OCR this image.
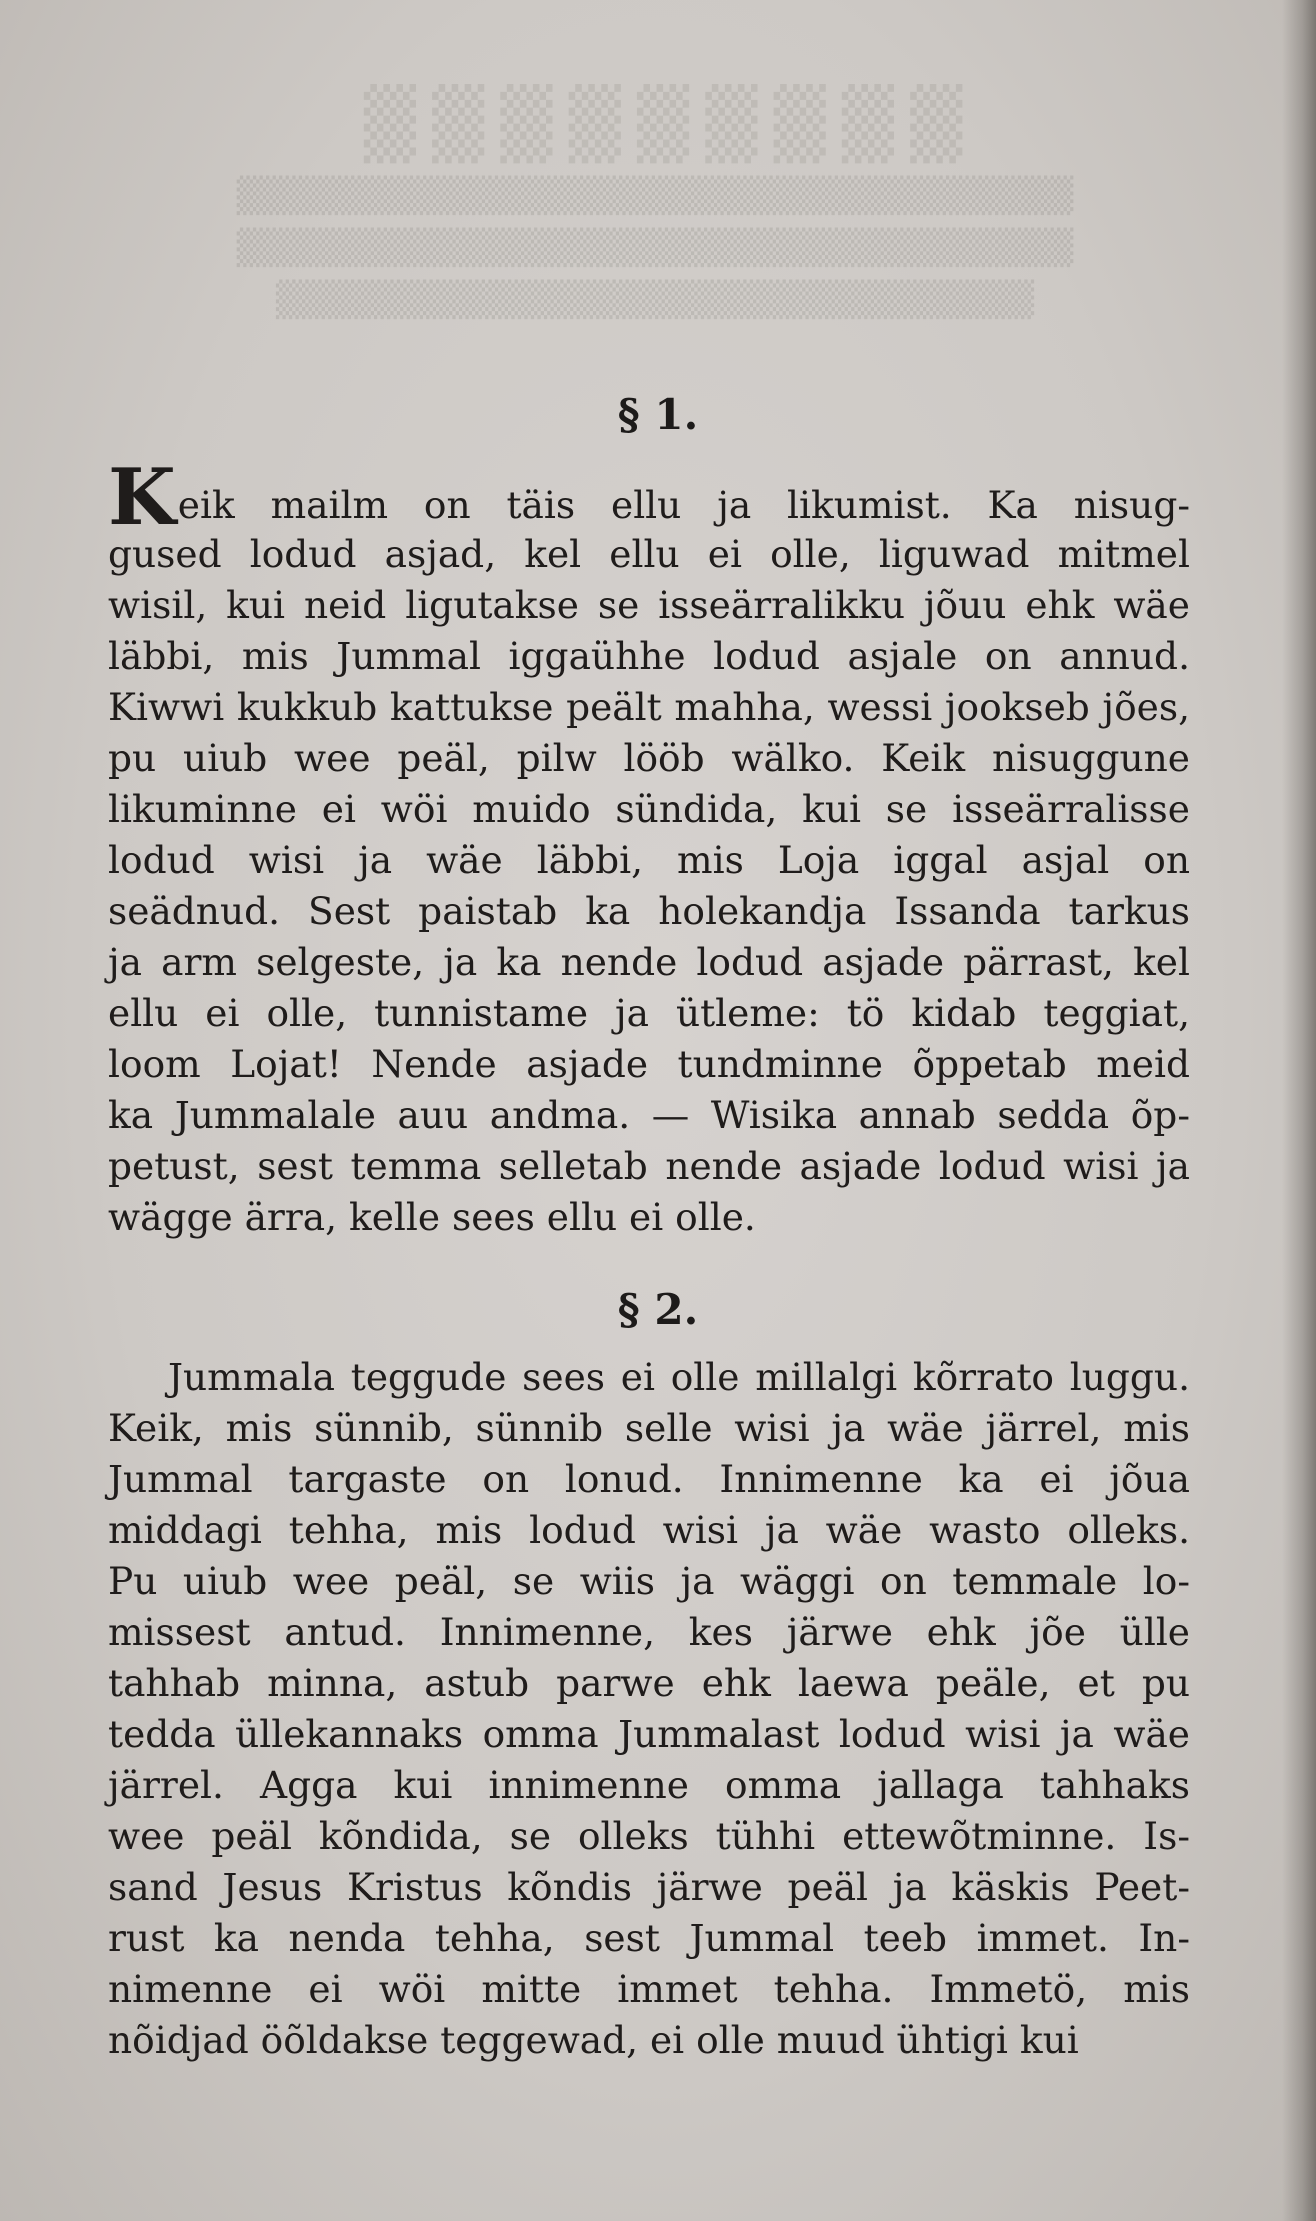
▒▒▒▒▒▒▒▒▒
▒▒▒▒▒▒▒▒▒▒▒▒▒▒▒▒▒▒▒▒▒▒▒▒▒▒▒▒▒▒▒▒
▒▒▒▒▒▒▒▒▒▒▒▒▒▒▒▒▒▒▒▒▒▒▒▒▒▒▒▒▒▒▒▒
▒▒▒▒▒▒▒▒▒▒▒▒▒▒▒▒▒▒▒▒▒▒▒▒▒▒▒▒▒
§ 1.
Keik mailm on täis ellu ja likumist. Ka nisug-
gused lodud asjad, kel ellu ei olle, liguwad mitmel
wisil, kui neid ligutakse se isseärralikku jõuu ehk wäe
läbbi, mis Jummal iggaühhe lodud asjale on annud.
Kiwwi kukkub kattukse peält mahha, wessi jookseb jões,
pu uiub wee peäl, pilw lööb wälko. Keik nisuggune
likuminne ei wöi muido sündida, kui se isseärralisse
lodud wisi ja wäe läbbi, mis Loja iggal asjal on
seädnud. Sest paistab ka holekandja Issanda tarkus
ja arm selgeste, ja ka nende lodud asjade pärrast, kel
ellu ei olle, tunnistame ja ütleme: tö kidab teggiat,
loom Lojat! Nende asjade tundminne õppetab meid
ka Jummalale auu andma. — Wisika annab sedda õp-
petust, sest temma selletab nende asjade lodud wisi ja
wägge ärra, kelle sees ellu ei olle.
§ 2.
Jummala teggude sees ei olle millalgi kõrrato luggu.
Keik, mis sünnib, sünnib selle wisi ja wäe järrel, mis
Jummal targaste on lonud. Innimenne ka ei jõua
middagi tehha, mis lodud wisi ja wäe wasto olleks.
Pu uiub wee peäl, se wiis ja wäggi on temmale lo-
missest antud. Innimenne, kes järwe ehk jõe ülle
tahhab minna, astub parwe ehk laewa peäle, et pu
tedda üllekannaks omma Jummalast lodud wisi ja wäe
järrel. Agga kui innimenne omma jallaga tahhaks
wee peäl kõndida, se olleks tühhi ettewõtminne. Is-
sand Jesus Kristus kõndis järwe peäl ja käskis Peet-
rust ka nenda tehha, sest Jummal teeb immet. In-
nimenne ei wöi mitte immet tehha. Immetö, mis
nõidjad öõldakse teggewad, ei olle muud ühtigi kui
